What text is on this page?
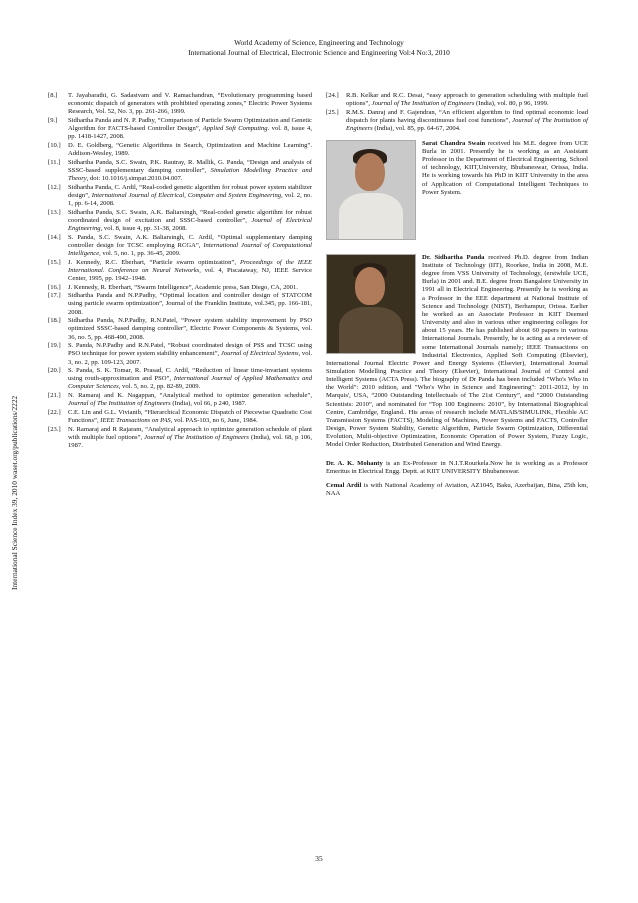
World Academy of Science, Engineering and Technology
International Journal of Electrical, Electronic Science and Engineering Vol:4 No:3, 2010
International Science Index 39, 2010 waset.org/publications/2222

[8.] T. Jayabarathi, G. Sadasivam and V. Ramachandran, “Evolutionary programming based economic dispatch of generators with prohibited operating zones,” Electric Power Systems Research, Vol. 52, No. 3, pp. 261-266, 1999.

[9.] Sidhartha Panda and N. P. Padhy, “Comparison of Particle Swarm Optimization and Genetic Algorithm for FACTS-based Controller Design”, Applied Soft Computing. vol. 8, issue 4, pp. 1418-1427, 2008.

[10.] D. E. Goldberg, “Genetic Algorithms in Search, Optimization and Machine Learning”. Addison-Wesley, 1989.

[11.] Sidhartha Panda, S.C. Swain, P.K. Rautray, R. Mallik, G. Panda, “Design and analysis of SSSC-based supplementary damping controller”, Simulation Modelling Practice and Theory, doi: 10.1016/j.simpat.2010.04.007.

[12.] Sidhartha Panda, C. Ardil, “Real-coded genetic algorithm for robust power system stabilizer design”, International Journal of Electrical, Computer and System Engineering, vol. 2, no. 1, pp. 6-14, 2008.

[13.] Sidhartha Panda, S.C. Swain, A.K. Baliarsingh, “Real-coded genetic algorithm for robust coordinated design of excitation and SSSC-based controller”, Journal of Electrical Engineering, vol. 8, issue 4, pp. 31-38, 2008.

[14.] S. Panda, S.C. Swain, A.K. Baliarsingh, C. Ardil, “Optimal supplementary damping controller design for TCSC employing RCGA”, International Journal of Computational Intelligence, vol. 5, no. 1, pp. 36-45, 2009.

[15.] J. Kennedy, R.C. Eberhart, “Particle swarm optimization”, Proceedings of the IEEE International. Conference on Neural Networks, vol. 4, Piscataway, NJ, IEEE Service Center, 1995, pp. 1942–1948.

[16.] J. Kennedy, R. Eberhart, “Swarm Intelligence”, Academic press, San Diego, CA, 2001.

[17.] Sidhartha Panda and N.P.Padhy, “Optimal location and controller design of STATCOM using particle swarm optimization”, Journal of the Franklin Institute, vol.345, pp. 166-181, 2008.

[18.] Sidhartha Panda, N.P.Padhy, R.N.Patel, “Power system stability improvement by PSO optimized SSSC-based damping controller”, Electric Power Components & Systems, vol. 36, no. 5, pp. 468-490, 2008.

[19.] S. Panda, N.P.Padhy and R.N.Patel, “Robust coordinated design of PSS and TCSC using PSO technique for power system stability enhancement”, Journal of Electrical Systems, vol. 3, no. 2, pp. 109-123, 2007.

[20.] S. Panda, S. K. Tomar, R. Prasad, C. Ardil, “Reduction of linear time-invariant systems using routh-approximation and PSO”, International Journal of Applied Mathematics and Computer Sciences, vol. 5, no. 2, pp. 82-89, 2009.

[21.] N. Ramaraj and K. Nagappan, “Analytical method to optimize generation schedule”, Journal of The Institution of Engineers (India), vol 66, p 240, 1987.

[22.] C.E. Lin and G.L. Vivianib, “Hierarchical Economic Dispatch of Piecewise Quadratic Cost Functions”, IEEE Transactions on PAS, vol. PAS-103, no 6, June, 1984.

[23.] N. Ramaraj and R Rajaram, “Analytical approach to optimize generation schedule of plant with multiple fuel options”, Journal of The Institution of Engineers (India), vol. 68, p 106, 1987.

[24.] R.B. Kelkar and R.C. Desai, “easy approach to generation scheduling with multiple fuel options”, Journal of The Institution of Engineers (India), vol. 80, p 96, 1999.

[25.] R.M.S. Danraj and F. Gajendran, “An efficient algorithm to find optimal economic load dispatch for plants having discontinuous fuel cost functions”, Journal of The Institution of Engineers (India), vol. 85, pp. 64-67, 2004.

Sarat Chandra Swain received his M.E. degree from UCE Burla in 2001. Presently he is working as an Assistant Professor in the Department of Electrical Engineering, School of technology, KIIT,University, Bhubaneswar, Orissa, India. He is working towards his PhD in KIIT University in the area of Application of Computational Intelligent Techniques to Power System.

Dr. Sidhartha Panda received Ph.D. degree from Indian Institute of Technology (IIT), Roorkee, India in 2008, M.E. degree from VSS University of Technology, (erstwhile UCE, Burla) in 2001 and. B.E. degree from Bangalore University in 1991 all in Electrical Engineering. Presently he is working as a Professor in the EEE department at National Institute of Science and Technology (NIST), Berhampur, Orissa. Earlier he worked as an Associate Professor in KIIT Deemed University and also in various other engineering colleges for about 15 years. He has published about 60 papers in various International Journals. Presently, he is acting as a reviewer of some International Journals namely; IEEE Transactions on Industrial Electronics, Applied Soft Computing (Elsevier), International Journal Electric Power and Energy Systems (Elsevier), International Journal Simulation Modelling Practice and Theory (Elsevier), International Journal of Control and Intelligent Systems (ACTA Press). The biography of Dr Panda has been included "Who's Who in the World": 2010 edition, and "Who's Who in Science and Engineering": 2011-2012, by in Marquis', USA, “2000 Outstanding Intellectuals of The 21st Century”, and “2000 Outstanding Scientists: 2010”, and nominated for “Top 100 Engineers: 2010”, by International Biographical Centre, Cambridge, England.. His areas of research include MATLAB/SIMULINK, Flexible AC Transmission Systems (FACTS), Modeling of Machines, Power Systems and FACTS, Controller Design, Power System Stability, Genetic Algorithm, Particle Swarm Optimization, Differential Evolution, Multi-objective Optimization, Economic Operation of Power System, Fuzzy Logic, Model Order Reduction, Distributed Generation and Wind Energy.

Dr. A. K. Mohanty is an Ex-Professor in N.I.T.Rourkela.Now he is working as a Professor Emeritus in Electrical Engg. Deptt. at KIIT UNIVERSITY Bhubaneswar.

Cemal Ardil is with National Academy of Aviation, AZ1045, Baku, Azerbaijan, Bina, 25th km, NAA

35
